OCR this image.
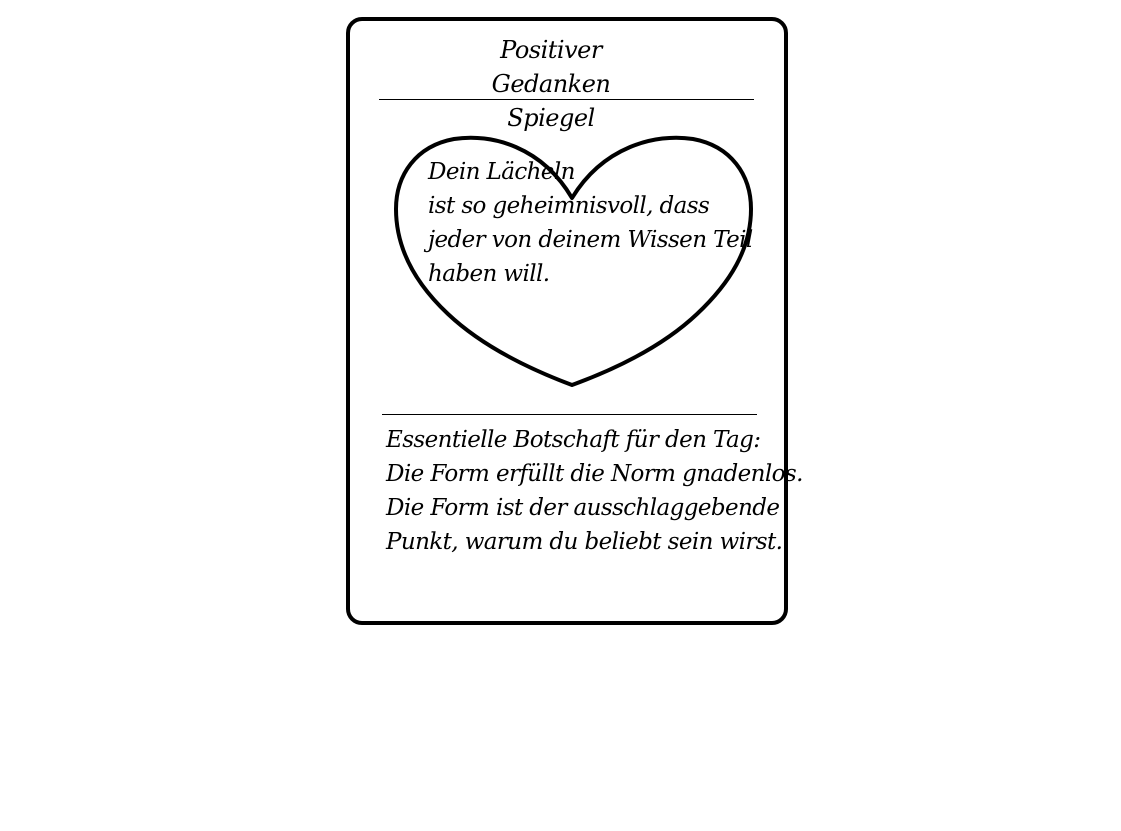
Positiver Gedanken
Spiegel
Dein Lächeln
ist so geheimnisvoll, dass
jeder von deinem Wissen Teil
haben will.
Essentielle Botschaft für den Tag:
Die Form erfüllt die Norm gnadenlos.
Die Form ist der ausschlaggebende
Punkt, warum du beliebt sein wirst.
